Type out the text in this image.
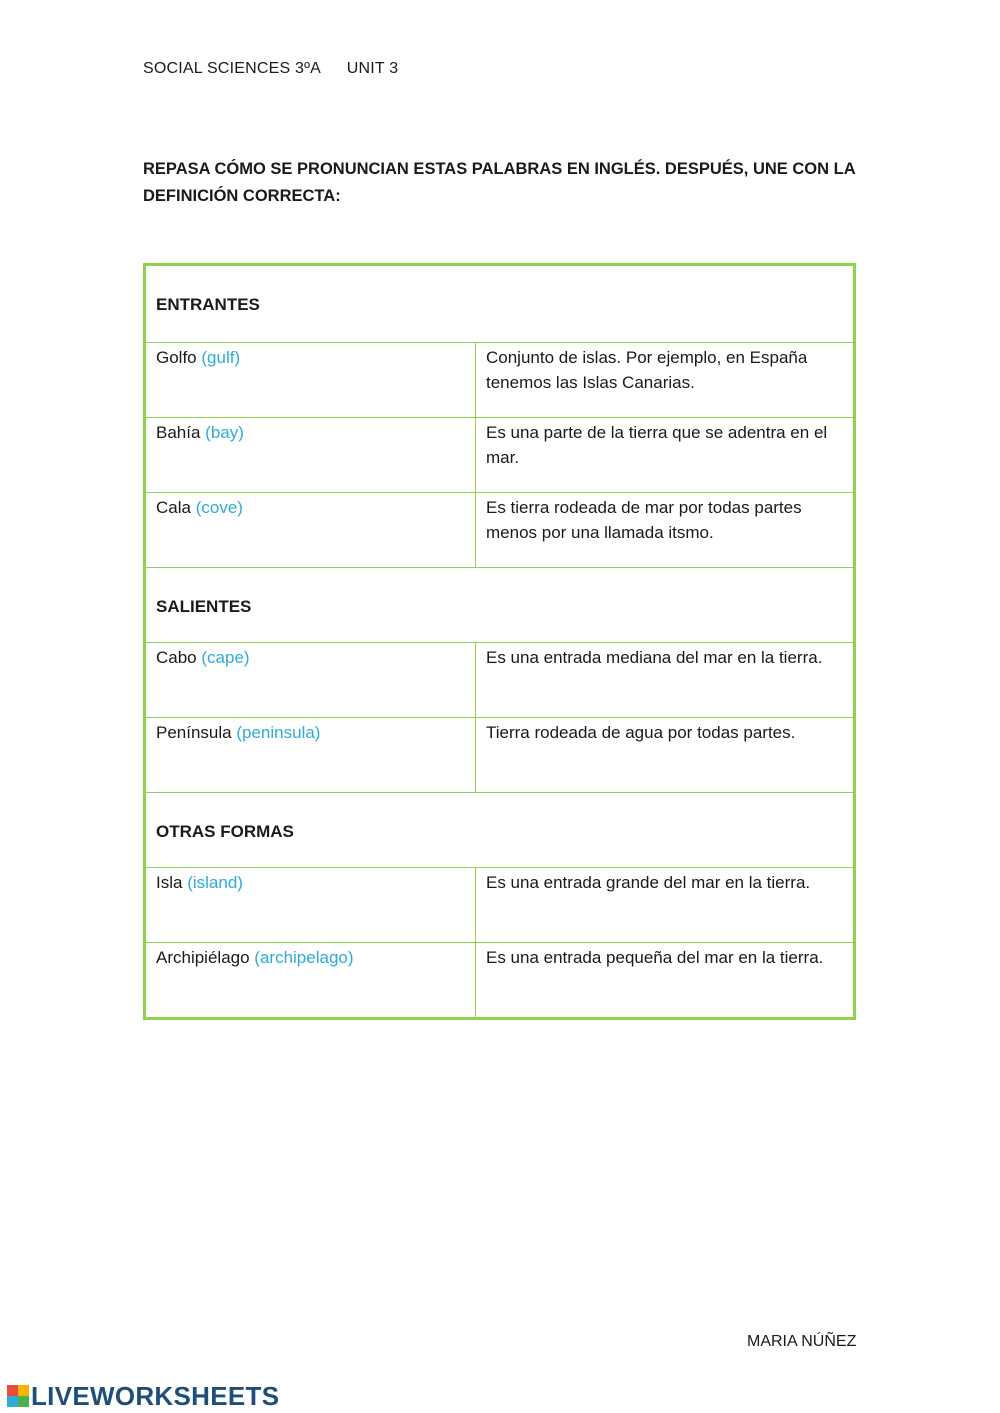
SOCIAL SCIENCES 3ºA UNIT 3
REPASA CÓMO SE PRONUNCIAN ESTAS PALABRAS EN INGLÉS. DESPUÉS, UNE CON LA DEFINICIÓN CORRECTA:
ENTRANTES
Golfo (gulf)	Conjunto de islas. Por ejemplo, en España tenemos las Islas Canarias.
Bahía (bay)	Es una parte de la tierra que se adentra en el mar.
Cala (cove)	Es tierra rodeada de mar por todas partes menos por una llamada itsmo.
SALIENTES
Cabo (cape)	Es una entrada mediana del mar en la tierra.
Península (peninsula)	Tierra rodeada de agua por todas partes.
OTRAS FORMAS
Isla (island)	Es una entrada grande del mar en la tierra.
Archipiélago (archipelago)	Es una entrada pequeña del mar en la tierra.
MARIA NÚÑEZ
LIVEWORKSHEETS
